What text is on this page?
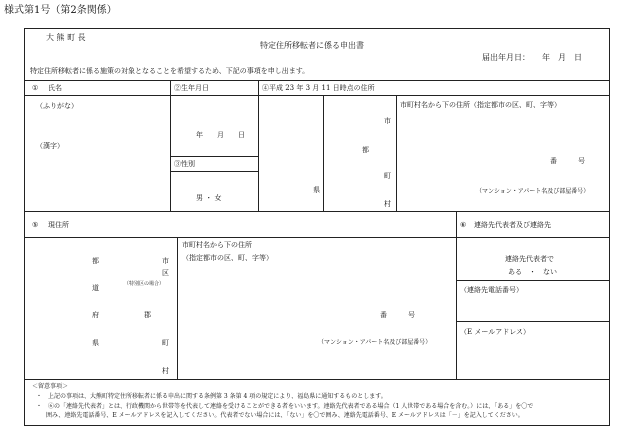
様式第1号（第2条関係）
大 熊 町 長
特定住所移転者に係る申出書
届出年月日：　　年　月　日
特定住所移転者に係る施策の対象となることを希望するため、下記の事項を申し出ます。
① 氏名
（ふりがな）
（漢字）
②生年月日
年　　月　　日
③性別
男 ・ 女
④平成 23 年 3 月 11 日時点の住所
県
市
都
町
村
市町村名から下の住所（指定都市の区、町、字等）
番　　　号
（マンション・アパート名及び部屋番号）
⑤ 現住所
都
道
府
県
市
区
（特別区の場合）
郡
町
村
市町村名から下の住所
（指定都市の区、町、字等）
番　　　号
（マンション・アパート名及び部屋番号）
⑥ 連絡先代表者及び連絡先
連絡先代表者で
ある　・　ない
（連絡先電話番号）
（E メールアドレス）
＜留意事項＞
・　上記の事項は、大熊町特定住所移転者に係る申出に関する条例第 3 条第 4 項の規定により、福島県に通知するものとします。
・　⑥の「連絡先代表者」とは、行政機関から世帯等を代表して連絡を受けることができる者をいいます。連絡先代表者である場合（1 人世帯である場合を含む。）には、「ある」を〇で
囲み、連絡先電話番号、E メールアドレスを記入してください。代表者でない場合には、「ない」を〇で囲み、連絡先電話番号、E メールアドレスは「－」を記入してください。
